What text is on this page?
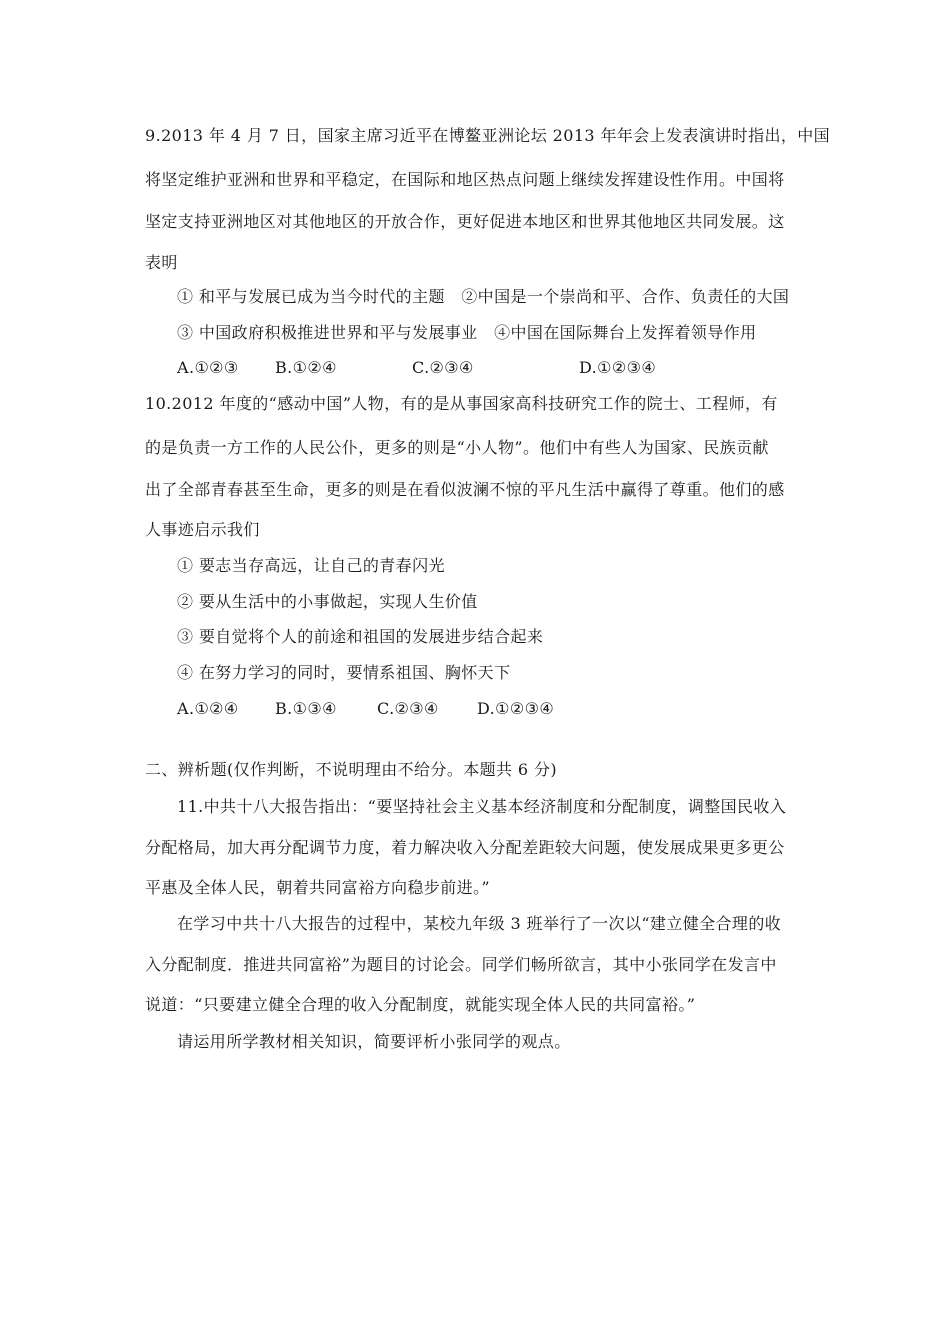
9.2013 年 4 月 7 日，国家主席习近平在博鳌亚洲论坛 2013 年年会上发表演讲时指出，中国
将坚定维护亚洲和世界和平稳定，在国际和地区热点问题上继续发挥建设性作用。中国将
坚定支持亚洲地区对其他地区的开放合作，更好促进本地区和世界其他地区共同发展。这
表明
① 和平与发展已成为当今时代的主题　②中国是一个崇尚和平、合作、负责任的大国
③ 中国政府积极推进世界和平与发展事业　④中国在国际舞台上发挥着领导作用
A.①②③ B.①②④	C.②③④	D.①②③④
10.2012 年度的“感动中国”人物，有的是从事国家高科技研究工作的院士、工程师，有
的是负责一方工作的人民公仆，更多的则是“小人物”。他们中有些人为国家、民族贡献
出了全部青春甚至生命，更多的则是在看似波澜不惊的平凡生活中赢得了尊重。他们的感
人事迹启示我们
① 要志当存高远，让自己的青春闪光
② 要从生活中的小事做起，实现人生价值
③ 要自觉将个人的前途和祖国的发展进步结合起来
④ 在努力学习的同时，要情系祖国、胸怀天下
A.①②④ B.①③④	C.②③④ D.①②③④
二、辨析题(仅作判断，不说明理由不给分。本题共 6 分)
11.中共十八大报告指出：“要坚持社会主义基本经济制度和分配制度，调整国民收入
分配格局，加大再分配调节力度，着力解决收入分配差距较大问题，使发展成果更多更公
平惠及全体人民，朝着共同富裕方向稳步前进。”
在学习中共十八大报告的过程中，某校九年级 3 班举行了一次以“建立健全合理的收
入分配制度．推进共同富裕”为题目的讨论会。同学们畅所欲言，其中小张同学在发言中
说道：“只要建立健全合理的收入分配制度，就能实现全体人民的共同富裕。”
请运用所学教材相关知识，简要评析小张同学的观点。
